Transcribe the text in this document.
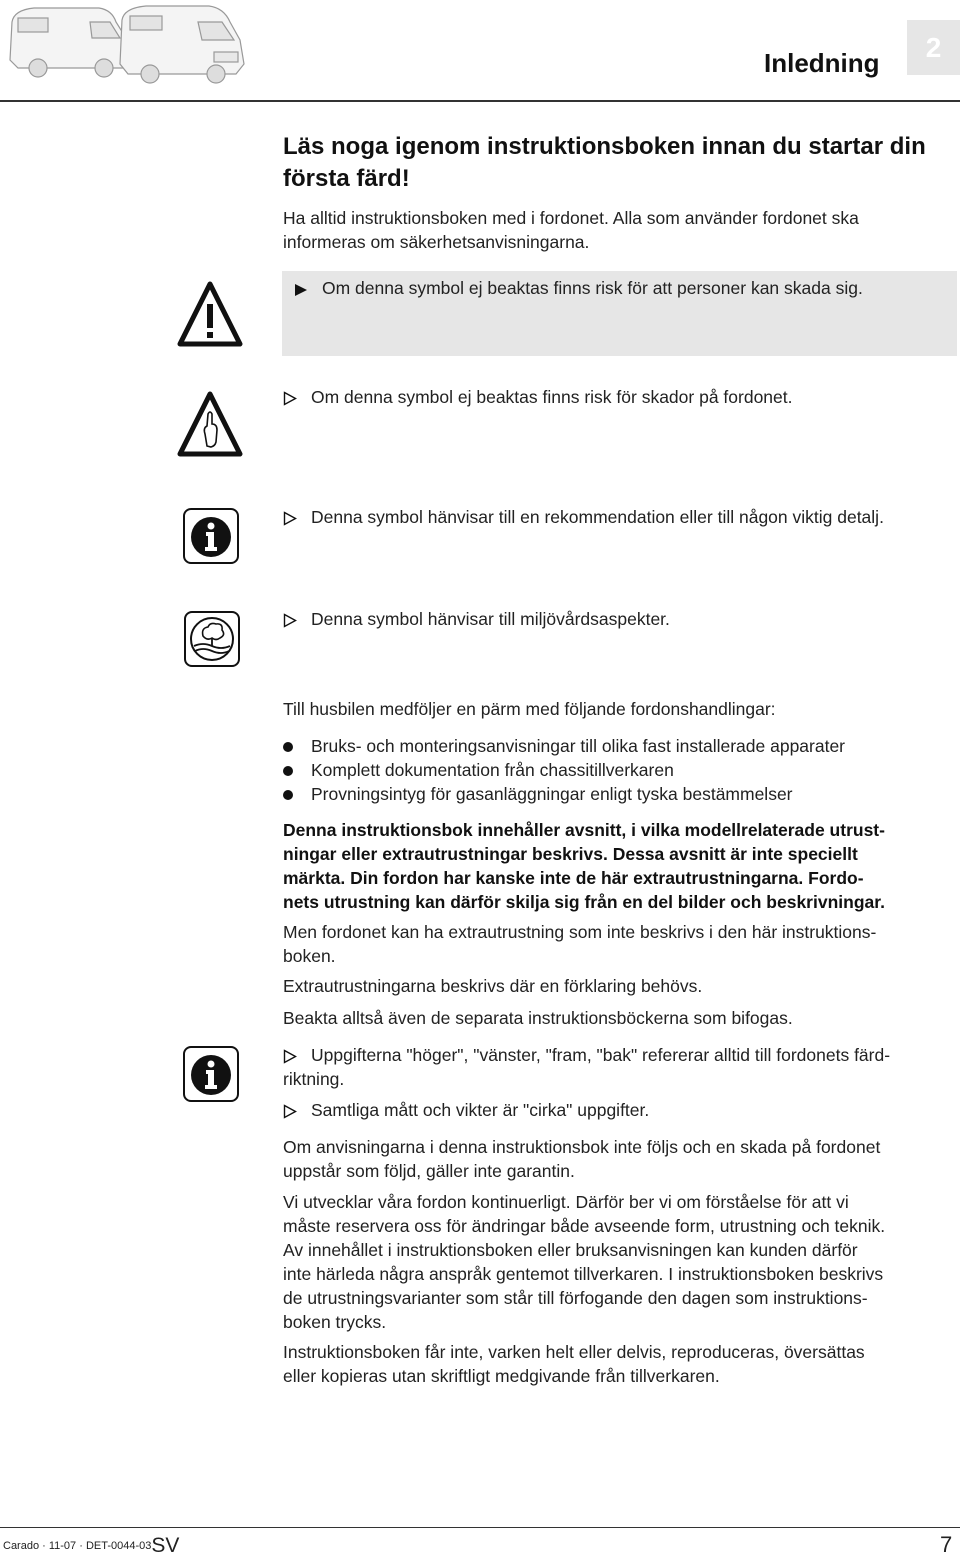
Inledning
2
Läs noga igenom instruktionsboken innan du startar din första färd!
Ha alltid instruktionsboken med i fordonet. Alla som använder fordonet ska informeras om säkerhetsanvisningarna.
Om denna symbol ej beaktas finns risk för att personer kan skada sig.
Om denna symbol ej beaktas finns risk för skador på fordonet.
Denna symbol hänvisar till en rekommendation eller till någon viktig detalj.
Denna symbol hänvisar till miljövårdsaspekter.
Till husbilen medföljer en pärm med följande fordonshandlingar:
Bruks- och monteringsanvisningar till olika fast installerade apparater
Komplett dokumentation från chassitillverkaren
Provningsintyg för gasanläggningar enligt tyska bestämmelser
Denna instruktionsbok innehåller avsnitt, i vilka modellrelaterade utrust-
ningar eller extrautrustningar beskrivs. Dessa avsnitt är inte speciellt
märkta. Din fordon har kanske inte de här extrautrustningarna. Fordo-
nets utrustning kan därför skilja sig från en del bilder och beskrivningar.
Men fordonet kan ha extrautrustning som inte beskrivs i den här instruktions-
boken.
Extrautrustningarna beskrivs där en förklaring behövs.
Beakta alltså även de separata instruktionsböckerna som bifogas.
Uppgifterna "höger", "vänster, "fram, "bak" refererar alltid till fordonets färd-
riktning.
Samtliga mått och vikter är "cirka" uppgifter.
Om anvisningarna i denna instruktionsbok inte följs och en skada på fordonet
uppstår som följd, gäller inte garantin.
Vi utvecklar våra fordon kontinuerligt. Därför ber vi om förståelse för att vi
måste reservera oss för ändringar både avseende form, utrustning och teknik.
Av innehållet i instruktionsboken eller bruksanvisningen kan kunden därför
inte härleda några anspråk gentemot tillverkaren. I instruktionsboken beskrivs
de utrustningsvarianter som står till förfogande den dagen som instruktions-
boken trycks.
Instruktionsboken får inte, varken helt eller delvis, reproduceras, översättas
eller kopieras utan skriftligt medgivande från tillverkaren.
Carado · 11-07 · DET-0044-03SV	7
